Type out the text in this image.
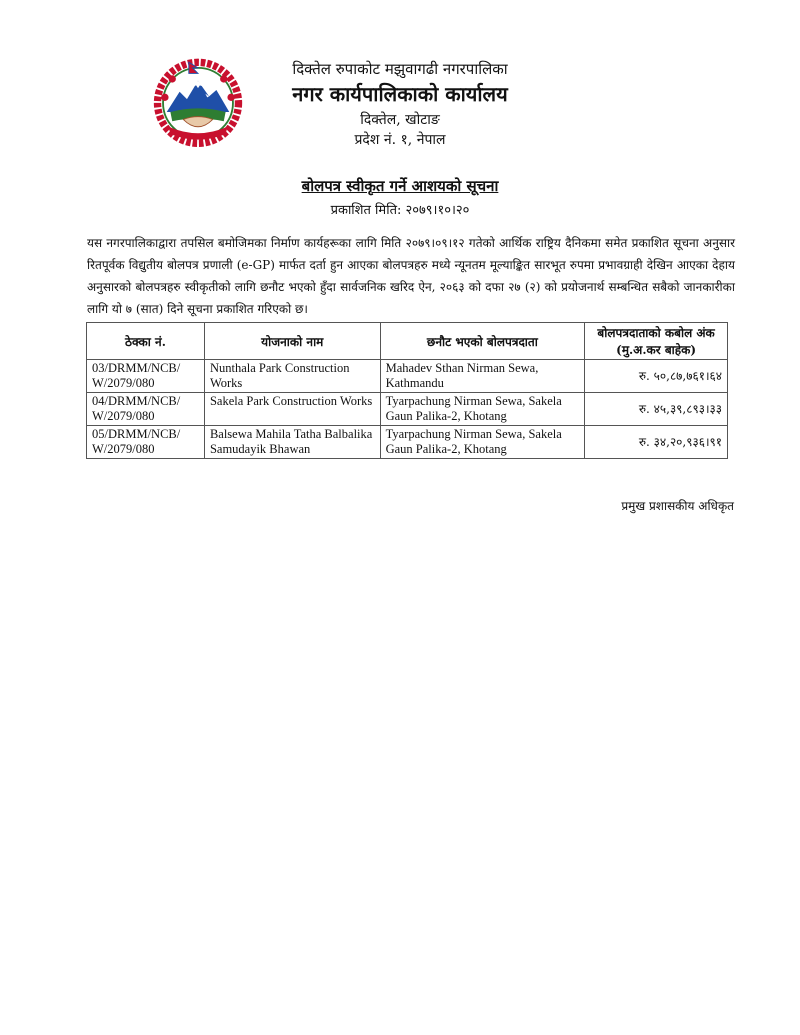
दिक्तेल रुपाकोट मझुवागढी नगरपालिका
नगर कार्यपालिकाको कार्यालय
दिक्तेल, खोटाङ
प्रदेश नं. १, नेपाल
बोलपत्र स्वीकृत गर्ने आशयको सूचना
प्रकाशित मिति: २०७९।१०।२०
यस नगरपालिकाद्वारा तपसिल बमोजिमका निर्माण कार्यहरूका लागि मिति २०७९।०९।१२ गतेको आर्थिक राष्ट्रिय दैनिकमा समेत प्रकाशित सूचना अनुसार रितपूर्वक विद्युतीय बोलपत्र प्रणाली (e-GP) मार्फत दर्ता हुन आएका बोलपत्रहरु मध्ये न्यूनतम मूल्याङ्कित सारभूत रुपमा प्रभावग्राही देखिन आएका देहाय अनुसारको बोलपत्रहरु स्वीकृतीको लागि छनौट भएको हुँदा सार्वजनिक खरिद ऐन, २०६३ को दफा २७ (२) को प्रयोजनार्थ सम्बन्धित सबैको जानकारीका लागि यो ७ (सात) दिने सूचना प्रकाशित गरिएको छ।
ठेक्का नं.	योजनाको नाम	छनौट भएको बोलपत्रदाता	बोलपत्रदाताको कबोल अंक (मु.अ.कर बाहेक)
03/DRMM/NCB/ W/2079/080	Nunthala Park Construction Works	Mahadev Sthan Nirman Sewa, Kathmandu	रु. ५०,८७,७६१।६४
04/DRMM/NCB/ W/2079/080	Sakela Park Construction Works	Tyarpachung Nirman Sewa, Sakela Gaun Palika-2, Khotang	रु. ४५,३९,८९३।३३
05/DRMM/NCB/ W/2079/080	Balsewa Mahila Tatha Balbalika Samudayik Bhawan	Tyarpachung Nirman Sewa, Sakela Gaun Palika-2, Khotang	रु. ३४,२०,९३६।९१
प्रमुख प्रशासकीय अधिकृत
